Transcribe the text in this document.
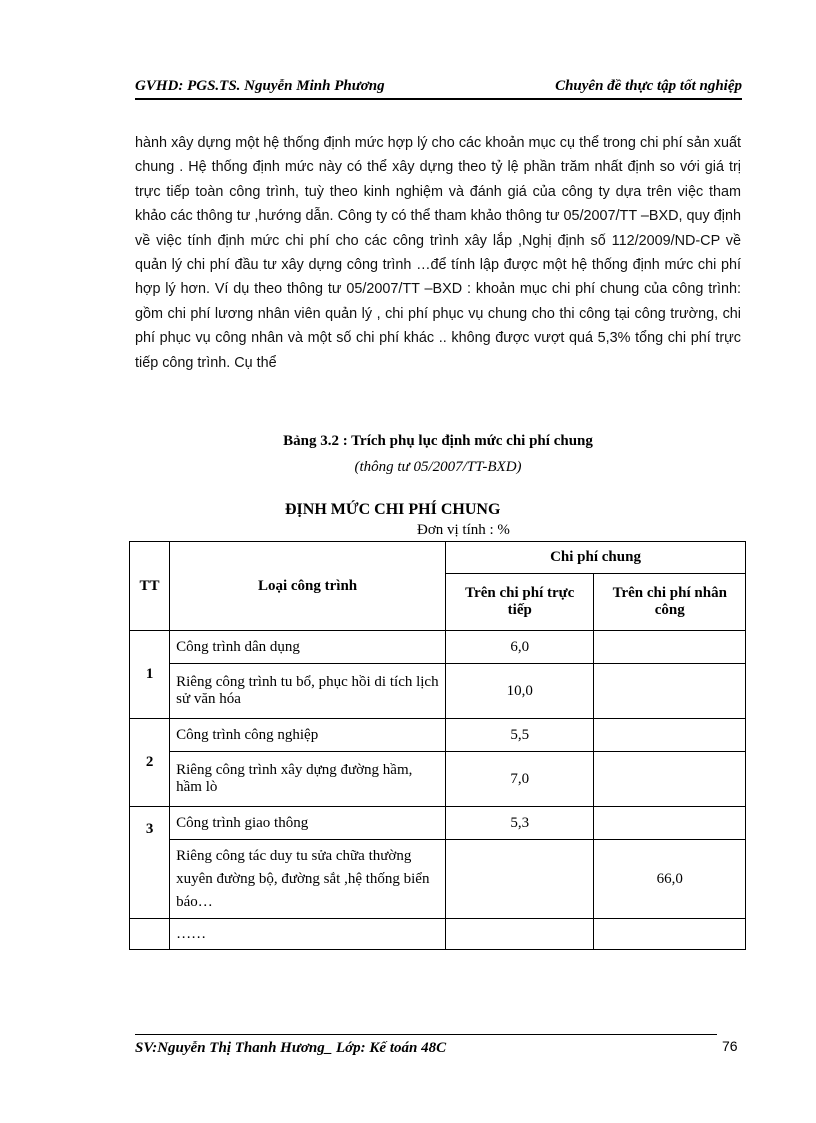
GVHD: PGS.TS. Nguyễn Minh Phương	Chuyên đề thực tập tốt nghiệp
hành xây dựng một hệ thống định mức hợp lý cho các khoản mục cụ thể trong chi phí sản xuất chung . Hệ thống định mức này có thể xây dựng theo tỷ lệ phần trăm nhất định so với giá trị trực tiếp toàn công trình, tuỳ theo kinh nghiệm và đánh giá của công ty dựa trên việc tham khảo các thông tư ,hướng dẫn. Công ty có thể tham khảo thông tư 05/2007/TT –BXD, quy định về việc tính định mức chi phí cho các công trình xây lắp ,Nghị định số 112/2009/ND-CP về quản lý chi phí đầu tư xây dựng công trình …để tính lập được một hệ thống định mức chi phí hợp lý hơn. Ví dụ theo thông tư 05/2007/TT –BXD : khoản mục chi phí chung của công trình: gồm chi phí lương nhân viên quản lý , chi phí phục vụ chung cho thi công tại công trường, chi phí phục vụ công nhân và một số chi phí khác .. không được vượt quá 5,3% tổng chi phí trực tiếp công trình. Cụ thể
Bảng 3.2 : Trích phụ lục định mức chi phí chung
(thông tư 05/2007/TT-BXD)
ĐỊNH MỨC CHI PHÍ CHUNG
Đơn vị tính : %
TT	Loại công trình	Chi phí chung	
		Trên chi phí trực tiếp	Trên chi phí nhân công
1	Công trình dân dụng	6,0	
	Riêng công trình tu bổ, phục hồi di tích lịch sử văn hóa	10,0	
2	Công trình công nghiệp	5,5	
	Riêng công trình xây dựng đường hầm, hầm lò	7,0	
3	Công trình giao thông	5,3	
	Riêng công tác duy tu sửa chữa thường xuyên đường bộ, đường sắt ,hệ thống biển báo…		66,0
	……		
SV:Nguyễn Thị Thanh Hương_ Lớp: Kế toán 48C	76
